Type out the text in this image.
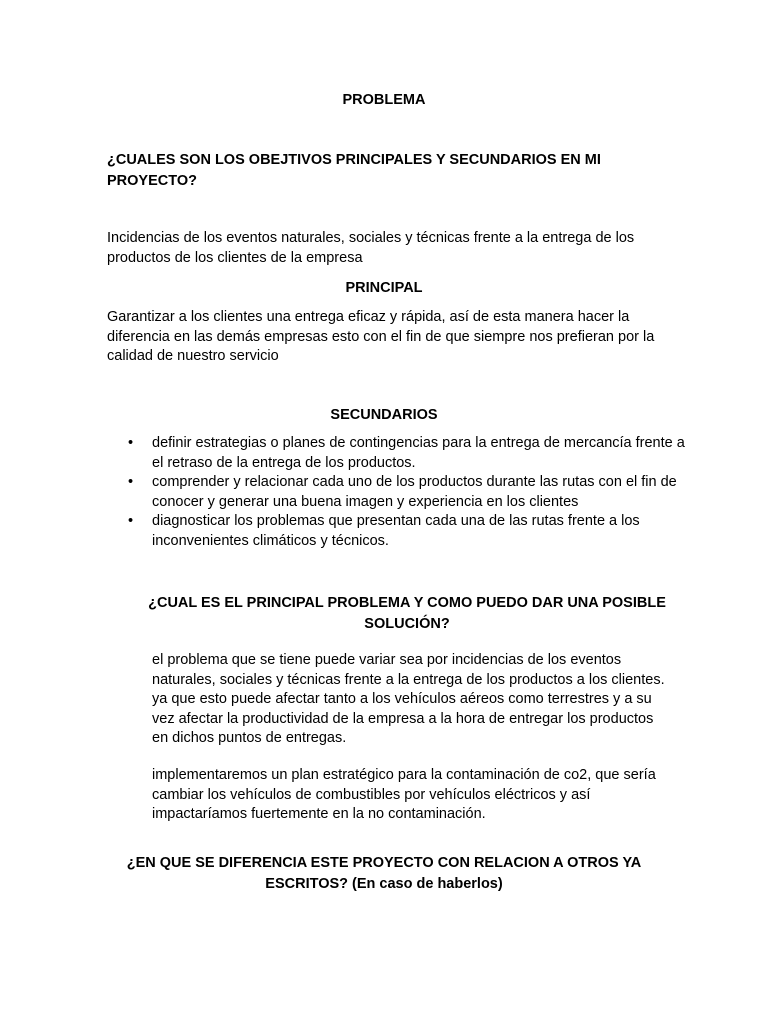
PROBLEMA

¿CUALES SON LOS OBEJTIVOS PRINCIPALES Y SECUNDARIOS EN MI PROYECTO?

Incidencias de los eventos naturales, sociales y técnicas frente a la entrega de los productos de los clientes de la empresa

PRINCIPAL

Garantizar a los clientes una entrega eficaz y rápida, así de esta manera hacer la diferencia en las demás empresas esto con el fin de que siempre nos prefieran por la calidad de nuestro servicio

SECUNDARIOS

• definir estrategias o planes de contingencias para la entrega de mercancía frente a el retraso de la entrega de los productos.
• comprender y relacionar cada uno de los productos durante las rutas con el fin de conocer y generar una buena imagen y experiencia en los clientes
• diagnosticar los problemas que presentan cada una de las rutas frente a los inconvenientes climáticos y técnicos.

¿CUAL ES EL PRINCIPAL PROBLEMA Y COMO PUEDO DAR UNA POSIBLE SOLUCIÓN?

el problema que se tiene puede variar sea por incidencias de los eventos naturales, sociales y técnicas frente a la entrega de los productos a los clientes. ya que esto puede afectar tanto a los vehículos aéreos como terrestres y a su vez afectar la productividad de la empresa a la hora de entregar los productos en dichos puntos de entregas.

implementaremos un plan estratégico para la contaminación de co2, que sería cambiar los vehículos de combustibles por vehículos eléctricos y así impactaríamos fuertemente en la no contaminación.

¿EN QUE SE DIFERENCIA ESTE PROYECTO CON RELACION A OTROS YA ESCRITOS? (En caso de haberlos)
